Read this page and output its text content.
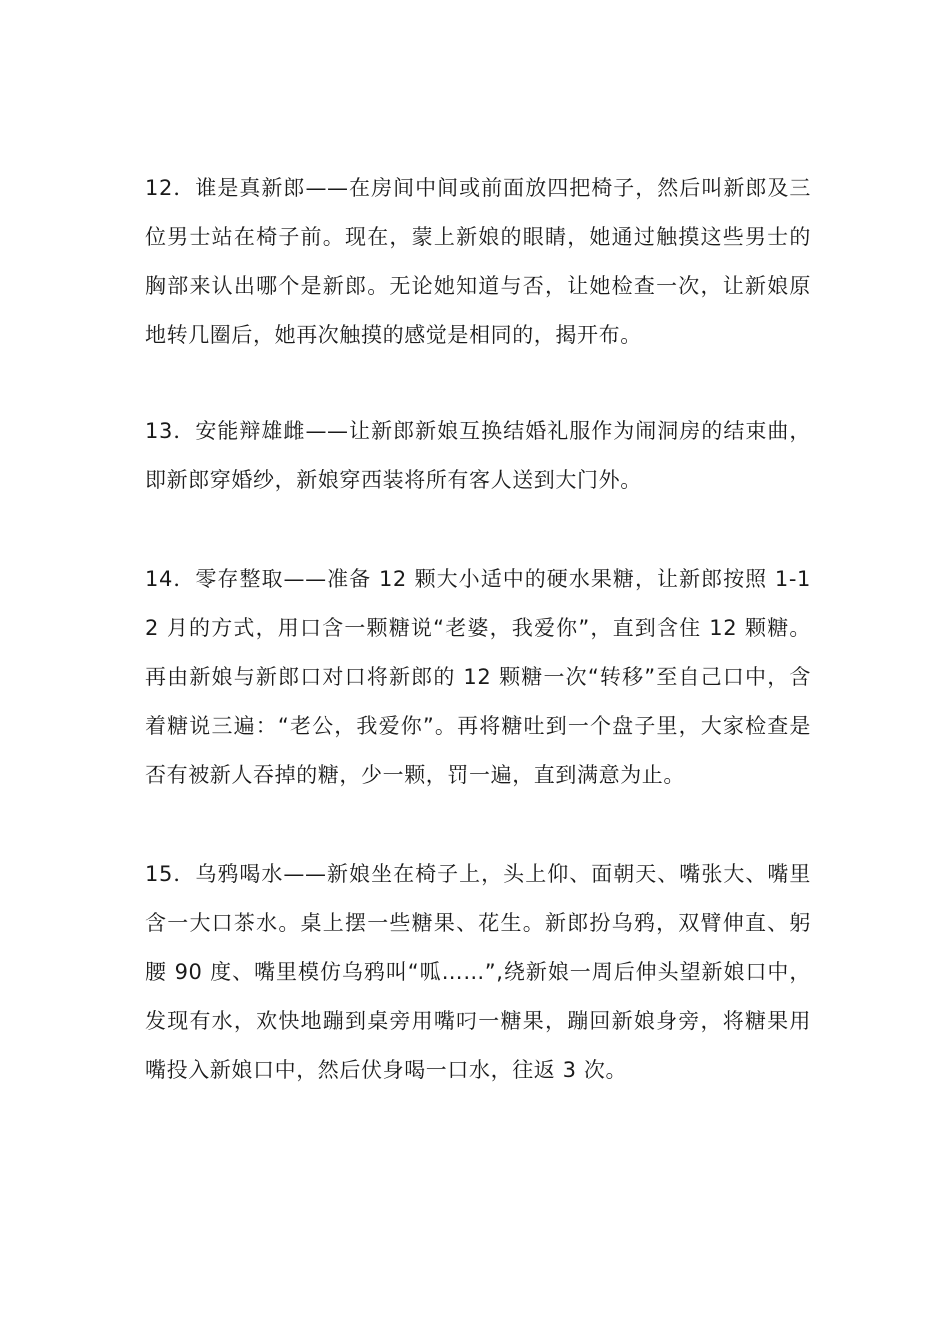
12．谁是真新郎——在房间中间或前面放四把椅子，然后叫新郎及三位男士站在椅子前。现在，蒙上新娘的眼睛，她通过触摸这些男士的胸部来认出哪个是新郎。无论她知道与否，让她检查一次，让新娘原地转几圈后，她再次触摸的感觉是相同的，揭开布。

13．安能辩雄雌——让新郎新娘互换结婚礼服作为闹洞房的结束曲，即新郎穿婚纱，新娘穿西装将所有客人送到大门外。

14．零存整取——准备 12 颗大小适中的硬水果糖，让新郎按照 1-12 月的方式，用口含一颗糖说“老婆，我爱你”，直到含住 12 颗糖。再由新娘与新郎口对口将新郎的 12 颗糖一次“转移”至自己口中，含着糖说三遍：“老公，我爱你”。再将糖吐到一个盘子里，大家检查是否有被新人吞掉的糖，少一颗，罚一遍，直到满意为止。

15．乌鸦喝水——新娘坐在椅子上，头上仰、面朝天、嘴张大、嘴里含一大口茶水。桌上摆一些糖果、花生。新郎扮乌鸦，双臂伸直、躬腰 90 度、嘴里模仿乌鸦叫“呱……”,绕新娘一周后伸头望新娘口中，发现有水，欢快地蹦到桌旁用嘴叼一糖果，蹦回新娘身旁，将糖果用嘴投入新娘口中，然后伏身喝一口水，往返 3 次。
